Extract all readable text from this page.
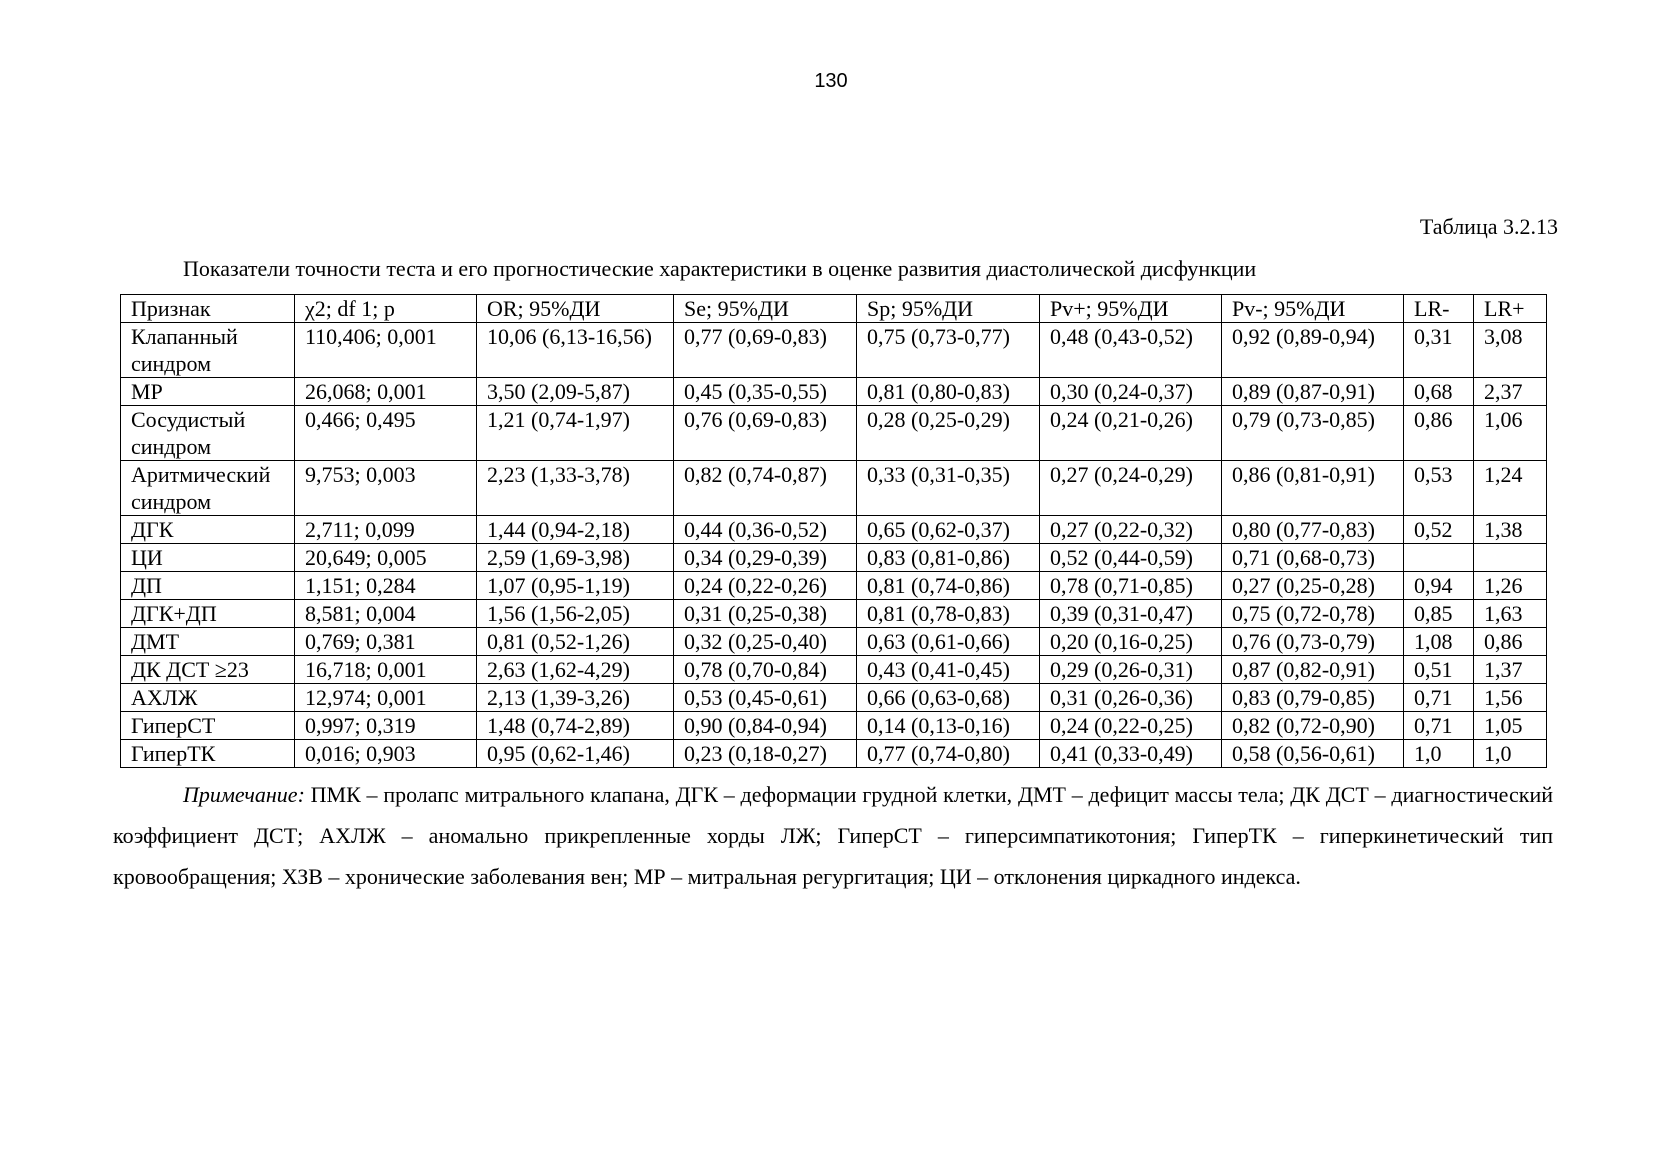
130
Таблица 3.2.13
Показатели точности теста и его прогностические характеристики в оценке развития диастолической дисфункции
Признак	χ2; df 1; p	OR; 95%ДИ	Se; 95%ДИ	Sp; 95%ДИ	Pv+; 95%ДИ	Pv-; 95%ДИ	LR-	LR+
Клапанный синдром	110,406; 0,001	10,06 (6,13-16,56)	0,77 (0,69-0,83)	0,75 (0,73-0,77)	0,48 (0,43-0,52)	0,92 (0,89-0,94)	0,31	3,08
МР	26,068; 0,001	3,50 (2,09-5,87)	0,45 (0,35-0,55)	0,81 (0,80-0,83)	0,30 (0,24-0,37)	0,89 (0,87-0,91)	0,68	2,37
Сосудистый синдром	0,466; 0,495	1,21 (0,74-1,97)	0,76 (0,69-0,83)	0,28 (0,25-0,29)	0,24 (0,21-0,26)	0,79 (0,73-0,85)	0,86	1,06
Аритмический синдром	9,753; 0,003	2,23 (1,33-3,78)	0,82 (0,74-0,87)	0,33 (0,31-0,35)	0,27 (0,24-0,29)	0,86 (0,81-0,91)	0,53	1,24
ДГК	2,711; 0,099	1,44 (0,94-2,18)	0,44 (0,36-0,52)	0,65 (0,62-0,37)	0,27 (0,22-0,32)	0,80 (0,77-0,83)	0,52	1,38
ЦИ	20,649; 0,005	2,59 (1,69-3,98)	0,34 (0,29-0,39)	0,83 (0,81-0,86)	0,52 (0,44-0,59)	0,71 (0,68-0,73)		
ДП	1,151; 0,284	1,07 (0,95-1,19)	0,24 (0,22-0,26)	0,81 (0,74-0,86)	0,78 (0,71-0,85)	0,27 (0,25-0,28)	0,94	1,26
ДГК+ДП	8,581; 0,004	1,56 (1,56-2,05)	0,31 (0,25-0,38)	0,81 (0,78-0,83)	0,39 (0,31-0,47)	0,75 (0,72-0,78)	0,85	1,63
ДМТ	0,769; 0,381	0,81 (0,52-1,26)	0,32 (0,25-0,40)	0,63 (0,61-0,66)	0,20 (0,16-0,25)	0,76 (0,73-0,79)	1,08	0,86
ДК ДСТ ≥23	16,718; 0,001	2,63 (1,62-4,29)	0,78 (0,70-0,84)	0,43 (0,41-0,45)	0,29 (0,26-0,31)	0,87 (0,82-0,91)	0,51	1,37
АХЛЖ	12,974; 0,001	2,13 (1,39-3,26)	0,53 (0,45-0,61)	0,66 (0,63-0,68)	0,31 (0,26-0,36)	0,83 (0,79-0,85)	0,71	1,56
ГиперСТ	0,997; 0,319	1,48 (0,74-2,89)	0,90 (0,84-0,94)	0,14 (0,13-0,16)	0,24 (0,22-0,25)	0,82 (0,72-0,90)	0,71	1,05
ГиперТК	0,016; 0,903	0,95 (0,62-1,46)	0,23 (0,18-0,27)	0,77 (0,74-0,80)	0,41 (0,33-0,49)	0,58 (0,56-0,61)	1,0	1,0
Примечание: ПМК – пролапс митрального клапана, ДГК – деформации грудной клетки, ДМТ – дефицит массы тела; ДК ДСТ – диагностический коэффициент ДСТ; АХЛЖ – аномально прикрепленные хорды ЛЖ; ГиперСТ – гиперсимпатикотония; ГиперТК – гиперкинетический тип кровообращения; ХЗВ – хронические заболевания вен; МР – митральная регургитация; ЦИ – отклонения циркадного индекса.
